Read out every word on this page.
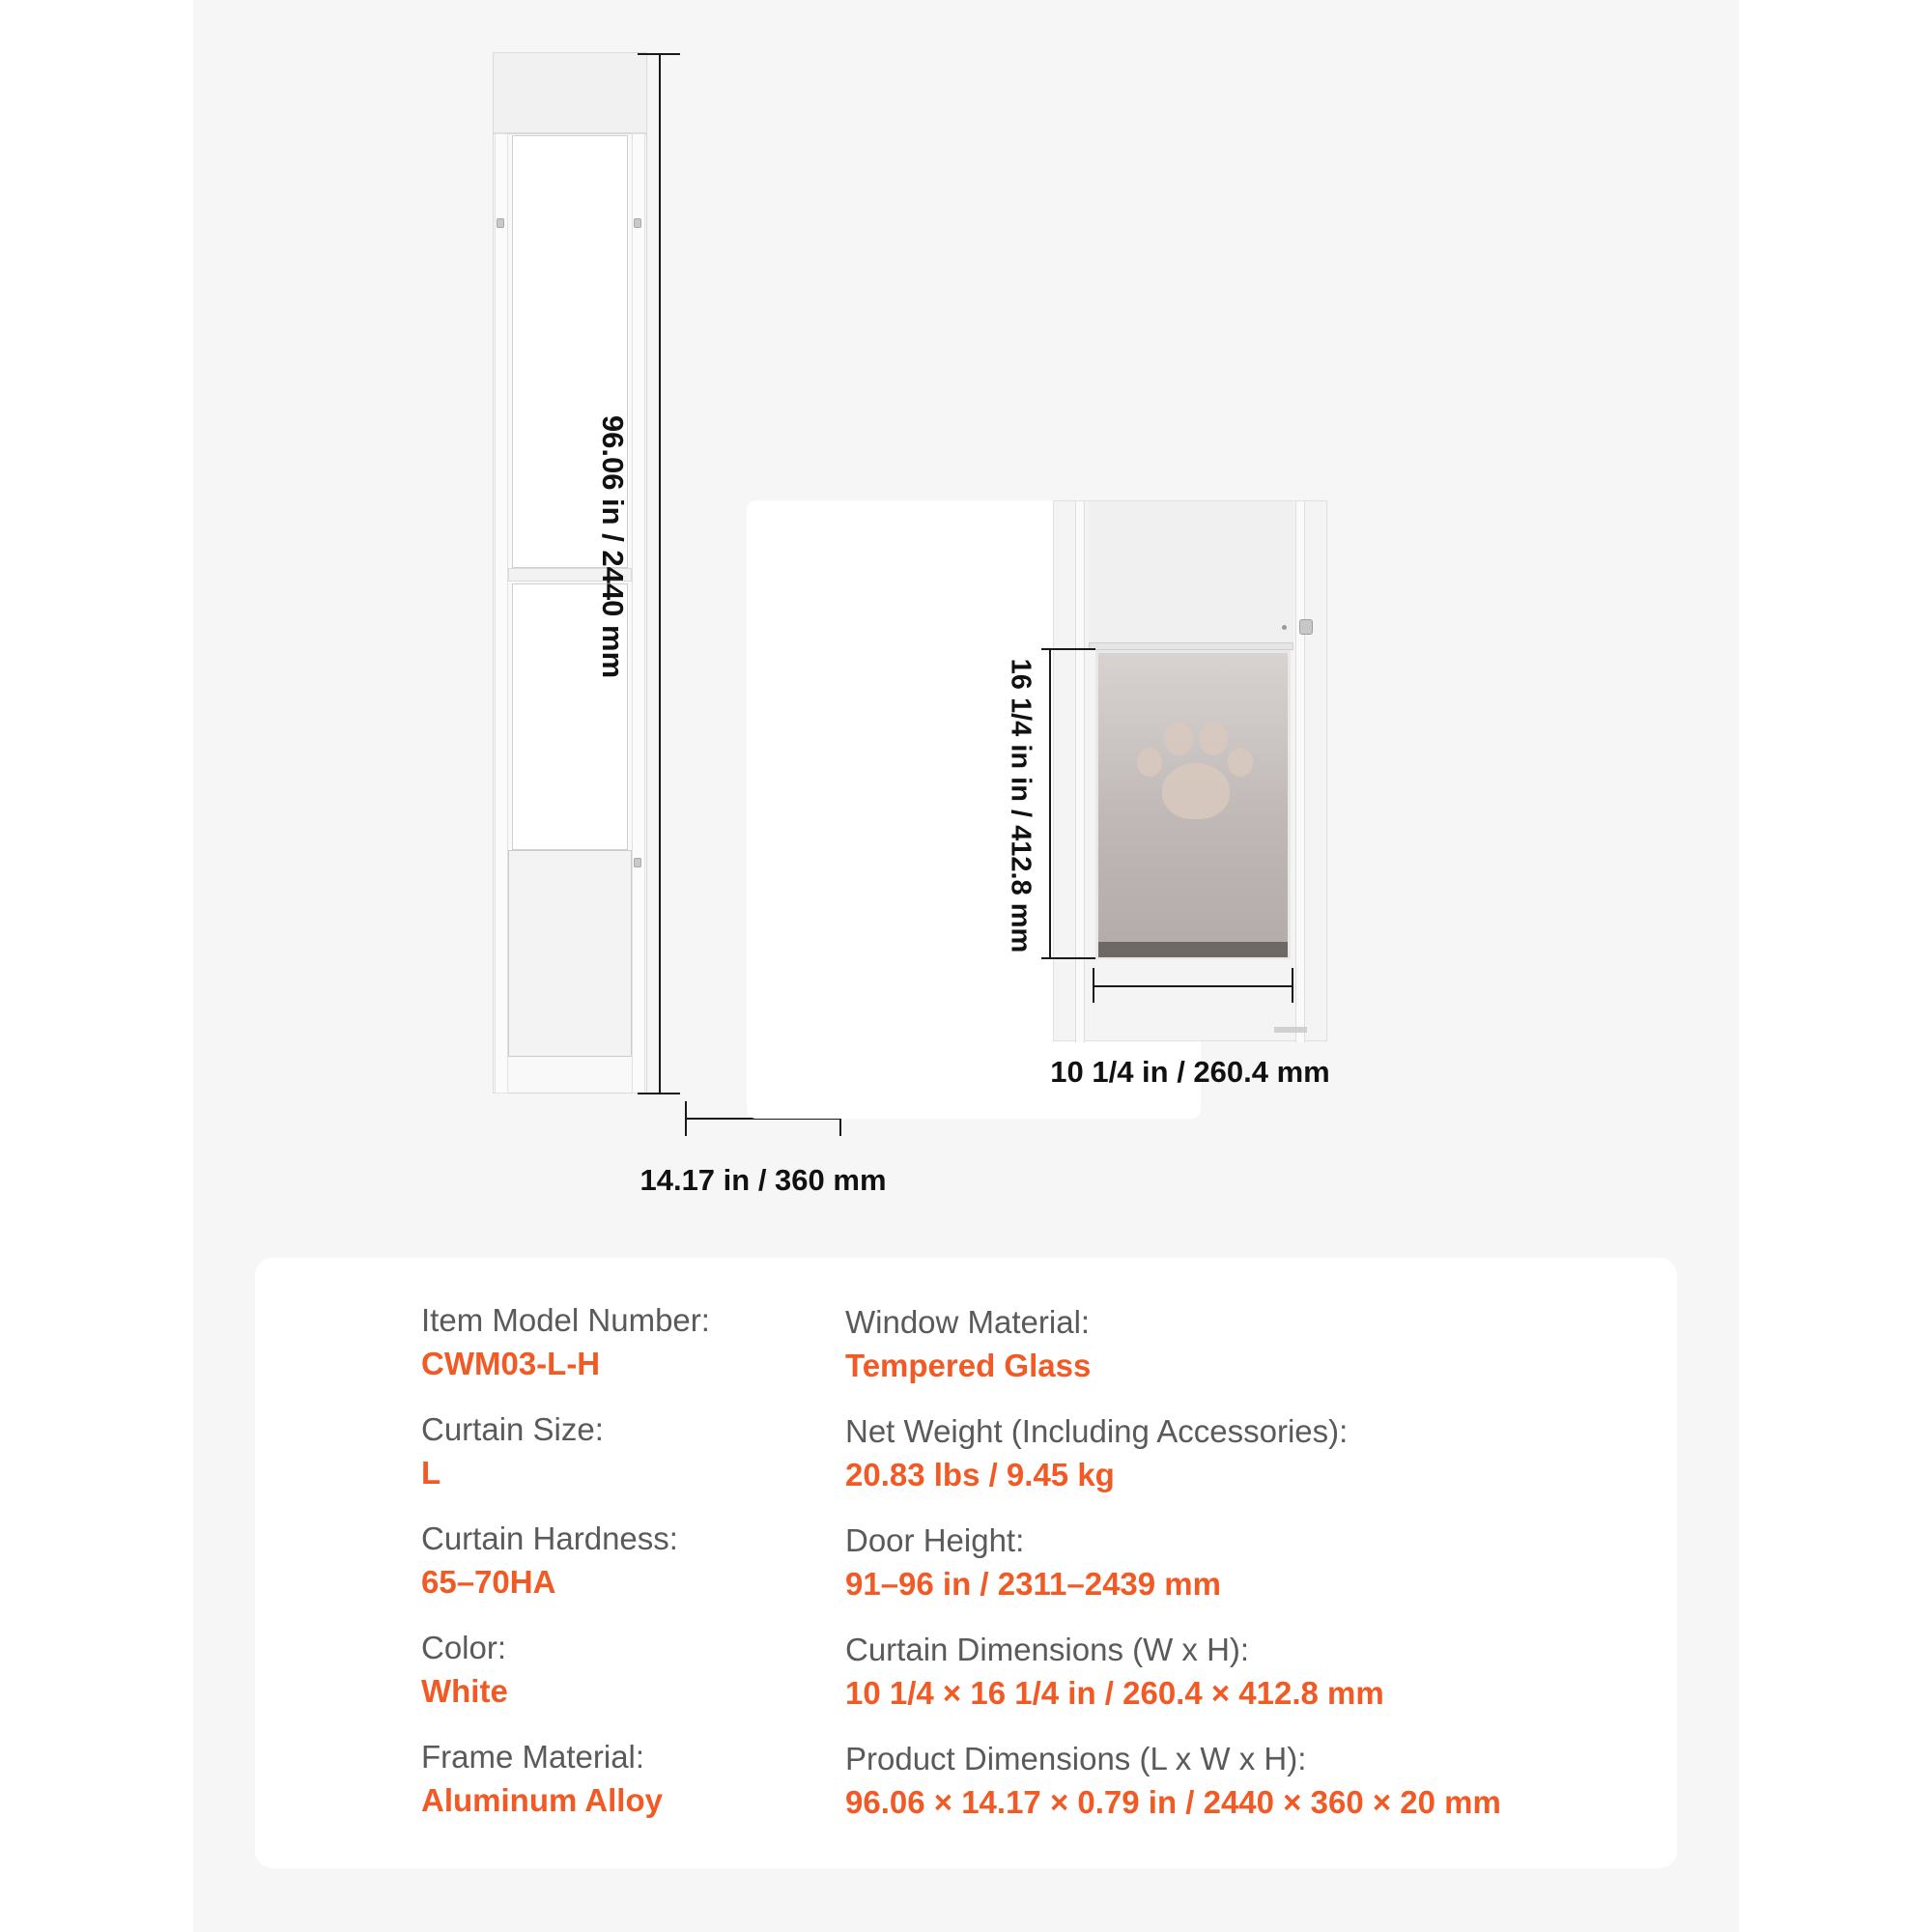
96.06 in / 2440 mm
14.17 in / 360 mm
16 1/4 in in / 412.8 mm
10 1/4 in / 260.4 mm
Item Model Number:
CWM03-L-H
Curtain Size:
L
Curtain Hardness:
65–70HA
Color:
White
Frame Material:
Aluminum Alloy
Window Material:
Tempered Glass
Net Weight (Including Accessories):
20.83 lbs / 9.45 kg
Door Height:
91–96 in / 2311–2439 mm
Curtain Dimensions (W x H):
10 1/4 × 16 1/4 in / 260.4 × 412.8 mm
Product Dimensions (L x W x H):
96.06 × 14.17 × 0.79 in / 2440 × 360 × 20 mm
